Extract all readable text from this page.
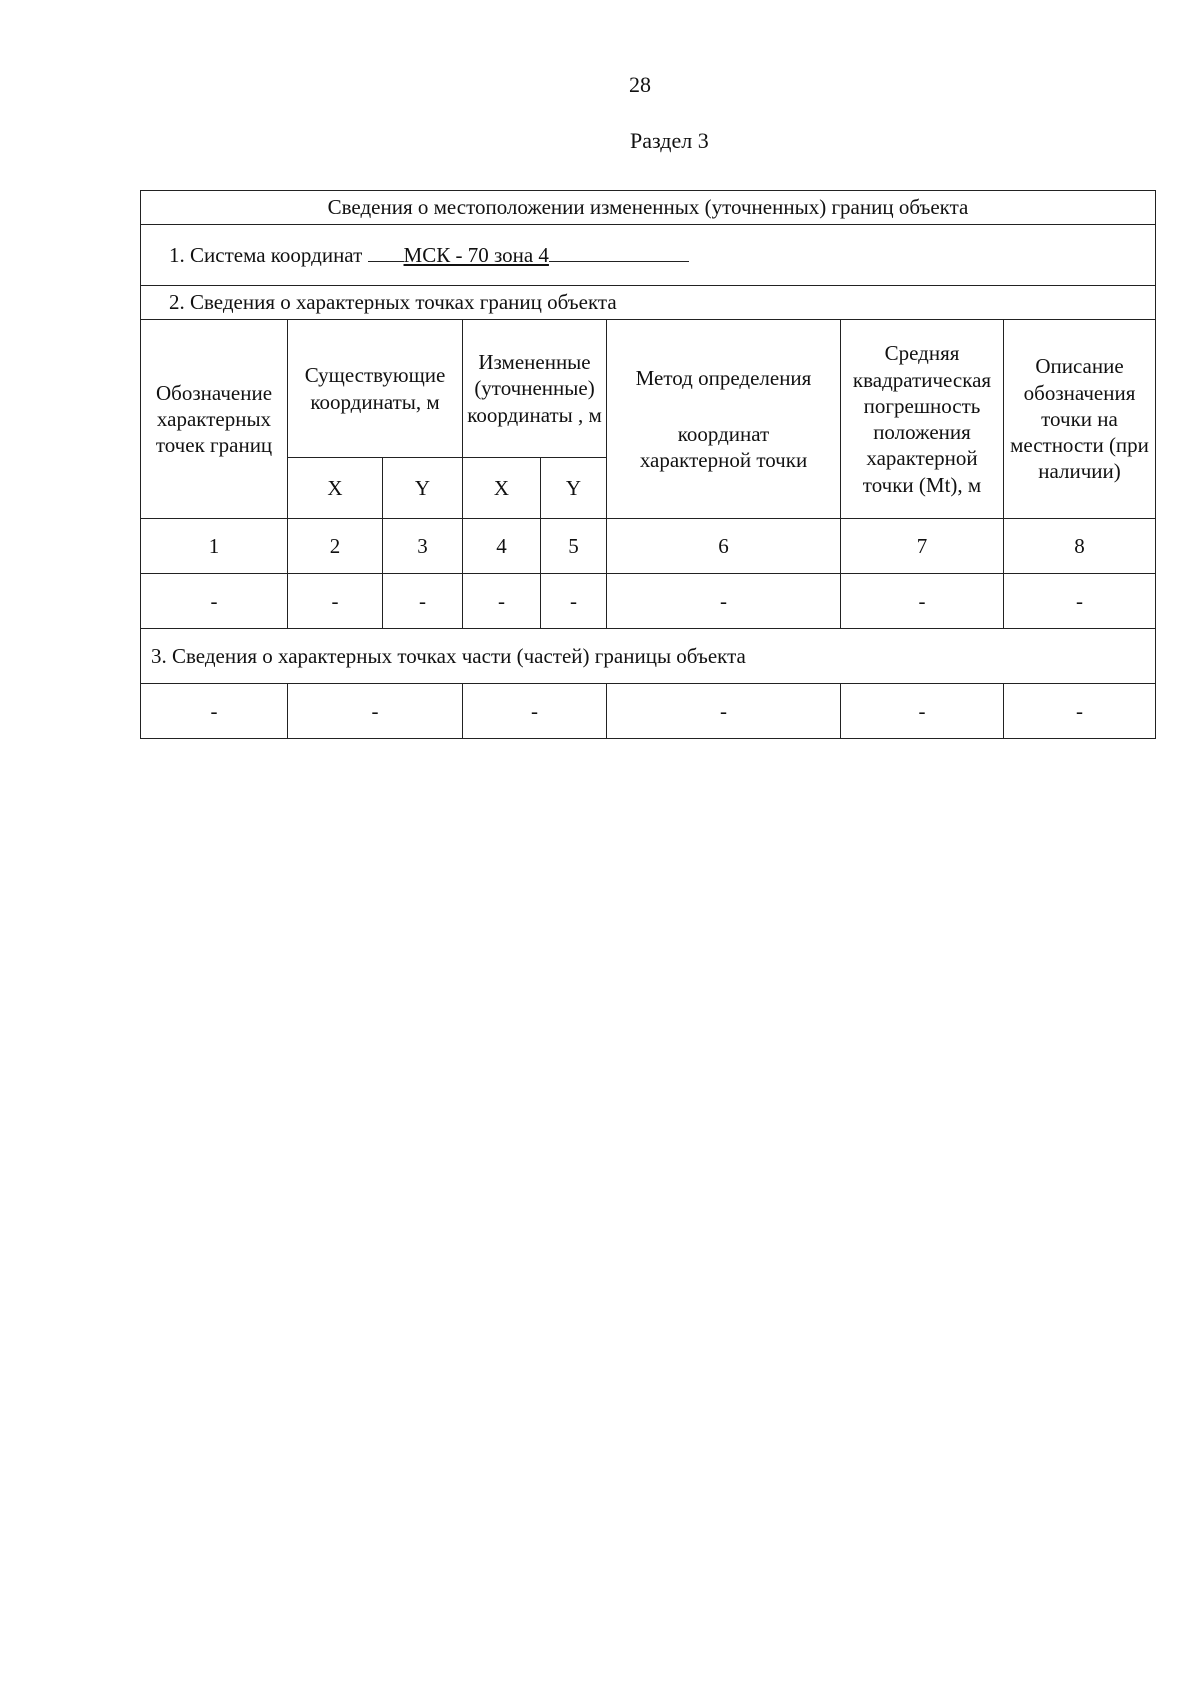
28
Раздел 3
Сведения о местоположении измененных (уточненных) границ объекта							
1. Система координат МСК - 70 зона 4							
2. Сведения о характерных точках границ объекта							
Обозначение характерных точек границ	Существующие координаты, м		Измененные (уточненные) координаты , м		Метод определения
координат
характерной точки	Средняя квадратическая погрешность положения характерной точки (Mt), м	Описание обозначения точки на местности (при наличии)
	X	Y	X	Y			
1	2	3	4	5	6	7	8
-	-	-	-	-	-	-	-
3. Сведения о характерных точках части (частей) границы объекта							
-	-		-		-	-	-
